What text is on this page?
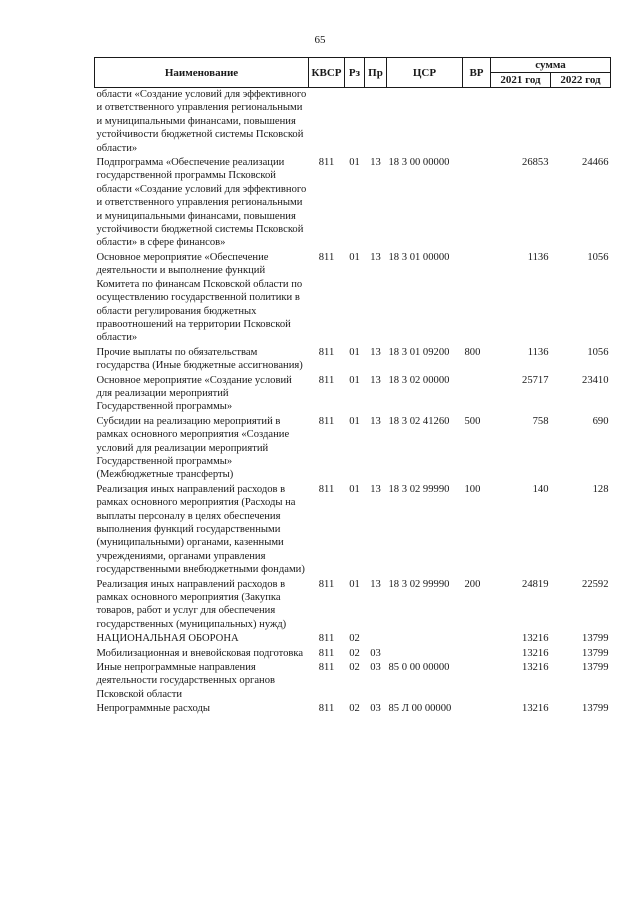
65
Наименование	КВСР	Рз	Пр	ЦСР	ВР	сумма	
						2021 год	2022 год
области «Создание условий для эффективного и ответственного управления региональными и муниципальными финансами, повышения устойчивости бюджетной системы Псковской области»							
Подпрограмма «Обеспечение реализации государственной программы Псковской области «Создание условий для эффективного и ответственного управления региональными и муниципальными финансами, повышения устойчивости бюджетной системы Псковской области» в сфере финансов»	811	01	13	18 3 00 00000		26853	24466
Основное мероприятие «Обеспечение деятельности и выполнение функций Комитета по финансам Псковской области по осуществлению государственной политики в области регулирования бюджетных правоотношений на территории Псковской области»	811	01	13	18 3 01 00000		1136	1056
Прочие выплаты по обязательствам государства (Иные бюджетные ассигнования)	811	01	13	18 3 01 09200	800	1136	1056
Основное мероприятие «Создание условий для реализации мероприятий Государственной программы»	811	01	13	18 3 02 00000		25717	23410
Субсидии на реализацию мероприятий в рамках основного мероприятия «Создание условий для реализации мероприятий Государственной программы» (Межбюджетные трансферты)	811	01	13	18 3 02 41260	500	758	690
Реализация иных направлений расходов в рамках основного мероприятия (Расходы на выплаты персоналу в целях обеспечения выполнения функций государственными (муниципальными) органами, казенными учреждениями, органами управления государственными внебюджетными фондами)	811	01	13	18 3 02 99990	100	140	128
Реализация иных направлений расходов в рамках основного мероприятия (Закупка товаров, работ и услуг для обеспечения государственных (муниципальных) нужд)	811	01	13	18 3 02 99990	200	24819	22592
НАЦИОНАЛЬНАЯ ОБОРОНА	811	02				13216	13799
Мобилизационная и вневойсковая подготовка	811	02	03			13216	13799
Иные непрограммные направления деятельности государственных органов Псковской области	811	02	03	85 0 00 00000		13216	13799
Непрограммные расходы	811	02	03	85 Л 00 00000		13216	13799
